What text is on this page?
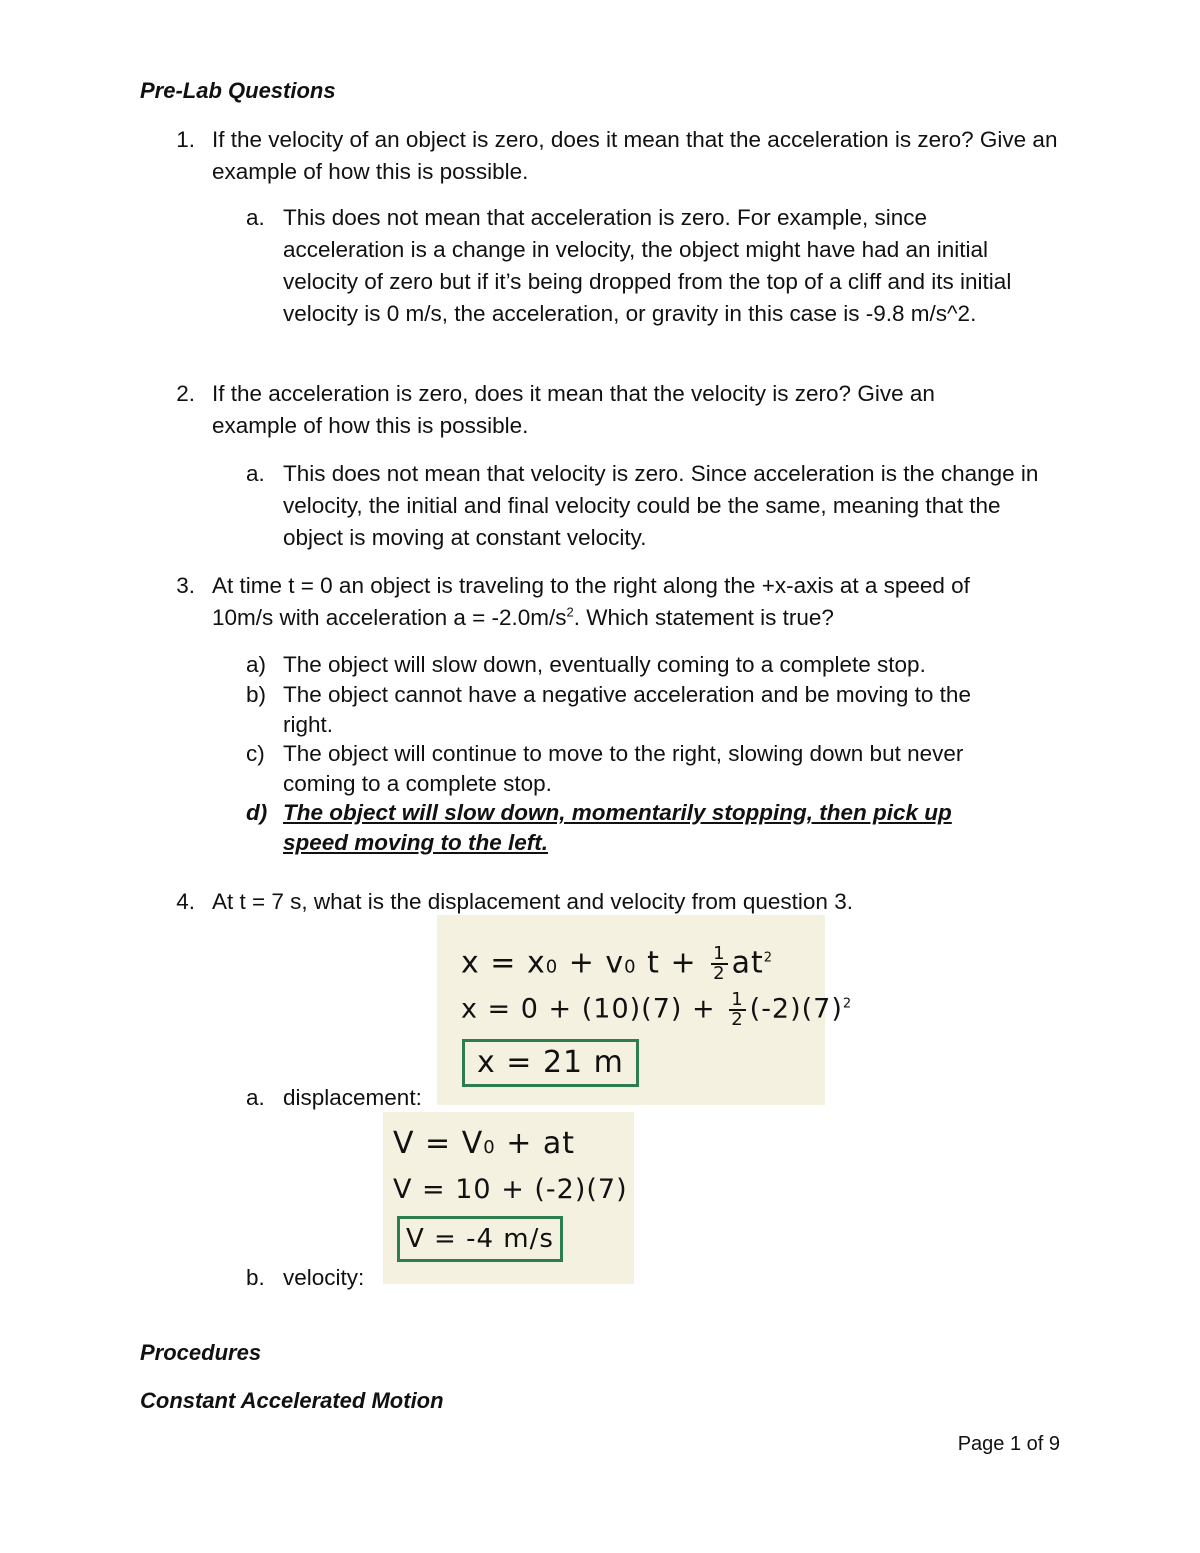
Pre-Lab Questions
1. If the velocity of an object is zero, does it mean that the acceleration is zero? Give an example of how this is possible.
a. This does not mean that acceleration is zero. For example, since acceleration is a change in velocity, the object might have had an initial velocity of zero but if it’s being dropped from the top of a cliff and its initial velocity is 0 m/s, the acceleration, or gravity in this case is -9.8 m/s^2.
2. If the acceleration is zero, does it mean that the velocity is zero? Give an example of how this is possible.
a. This does not mean that velocity is zero. Since acceleration is the change in velocity, the initial and final velocity could be the same, meaning that the object is moving at constant velocity.
3. At time t = 0 an object is traveling to the right along the +x-axis at a speed of 10m/s with acceleration $a = -2.0m/s^2$. Which statement is true?
a) The object will slow down, eventually coming to a complete stop.
b) The object cannot have a negative acceleration and be moving to the right.
c) The object will continue to move to the right, slowing down but never coming to a complete stop.
d) The object will slow down, momentarily stopping, then pick up speed moving to the left.
4. At t = 7 s, what is the displacement and velocity from question 3.
x = x0 + v0 $t + \frac{1}{2} at^2$
$x = 0 + (10)(7) + \frac{1}{2} (-2)(7)^2$
x = 21 m
a. displacement:
V = V0 + at
V = 10 + (-2)(7)
V = -4 m/s
b. velocity:
Procedures
Constant Accelerated Motion
Page 1 of 9
